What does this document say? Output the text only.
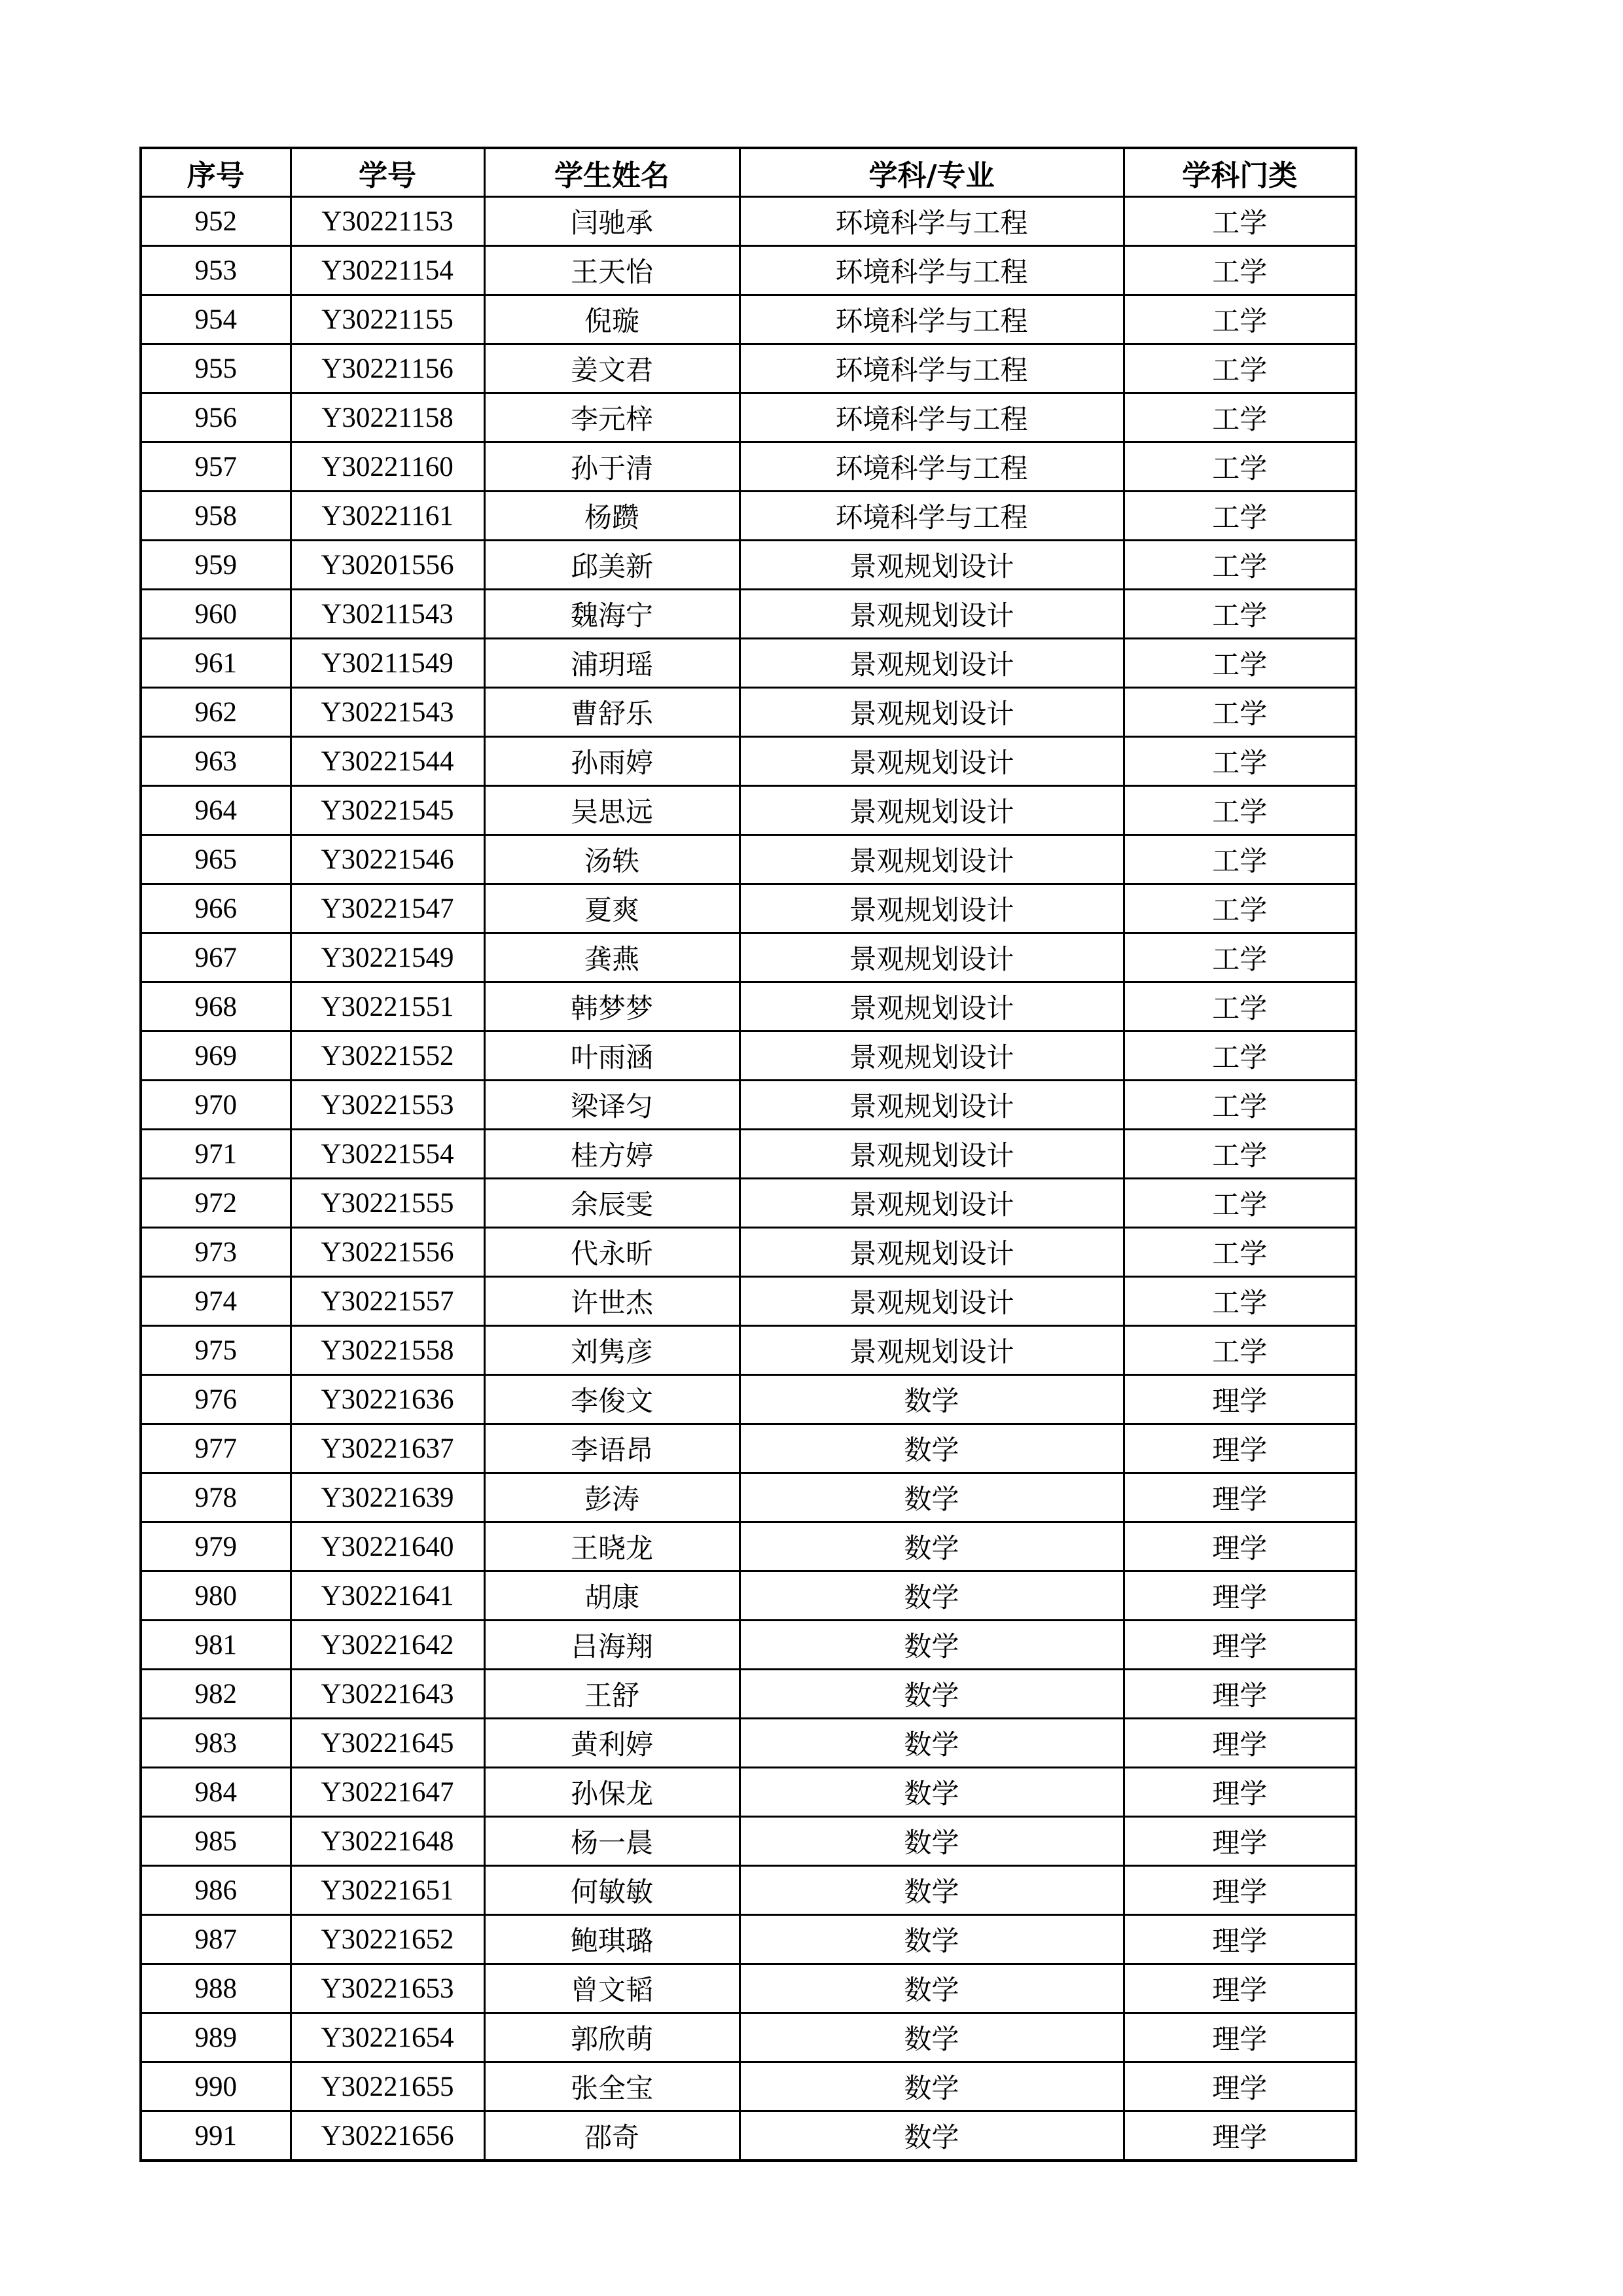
序号	学号	学生姓名	学科/专业	学科门类
952	Y30221153	闫驰承	环境科学与工程	工学
953	Y30221154	王天怡	环境科学与工程	工学
954	Y30221155	倪璇	环境科学与工程	工学
955	Y30221156	姜文君	环境科学与工程	工学
956	Y30221158	李元梓	环境科学与工程	工学
957	Y30221160	孙于清	环境科学与工程	工学
958	Y30221161	杨躜	环境科学与工程	工学
959	Y30201556	邱美新	景观规划设计	工学
960	Y30211543	魏海宁	景观规划设计	工学
961	Y30211549	浦玥瑶	景观规划设计	工学
962	Y30221543	曹舒乐	景观规划设计	工学
963	Y30221544	孙雨婷	景观规划设计	工学
964	Y30221545	吴思远	景观规划设计	工学
965	Y30221546	汤轶	景观规划设计	工学
966	Y30221547	夏爽	景观规划设计	工学
967	Y30221549	龚燕	景观规划设计	工学
968	Y30221551	韩梦梦	景观规划设计	工学
969	Y30221552	叶雨涵	景观规划设计	工学
970	Y30221553	梁译匀	景观规划设计	工学
971	Y30221554	桂方婷	景观规划设计	工学
972	Y30221555	余辰雯	景观规划设计	工学
973	Y30221556	代永昕	景观规划设计	工学
974	Y30221557	许世杰	景观规划设计	工学
975	Y30221558	刘隽彦	景观规划设计	工学
976	Y30221636	李俊文	数学	理学
977	Y30221637	李语昂	数学	理学
978	Y30221639	彭涛	数学	理学
979	Y30221640	王晓龙	数学	理学
980	Y30221641	胡康	数学	理学
981	Y30221642	吕海翔	数学	理学
982	Y30221643	王舒	数学	理学
983	Y30221645	黄利婷	数学	理学
984	Y30221647	孙保龙	数学	理学
985	Y30221648	杨一晨	数学	理学
986	Y30221651	何敏敏	数学	理学
987	Y30221652	鲍琪璐	数学	理学
988	Y30221653	曾文韬	数学	理学
989	Y30221654	郭欣萌	数学	理学
990	Y30221655	张全宝	数学	理学
991	Y30221656	邵奇	数学	理学
